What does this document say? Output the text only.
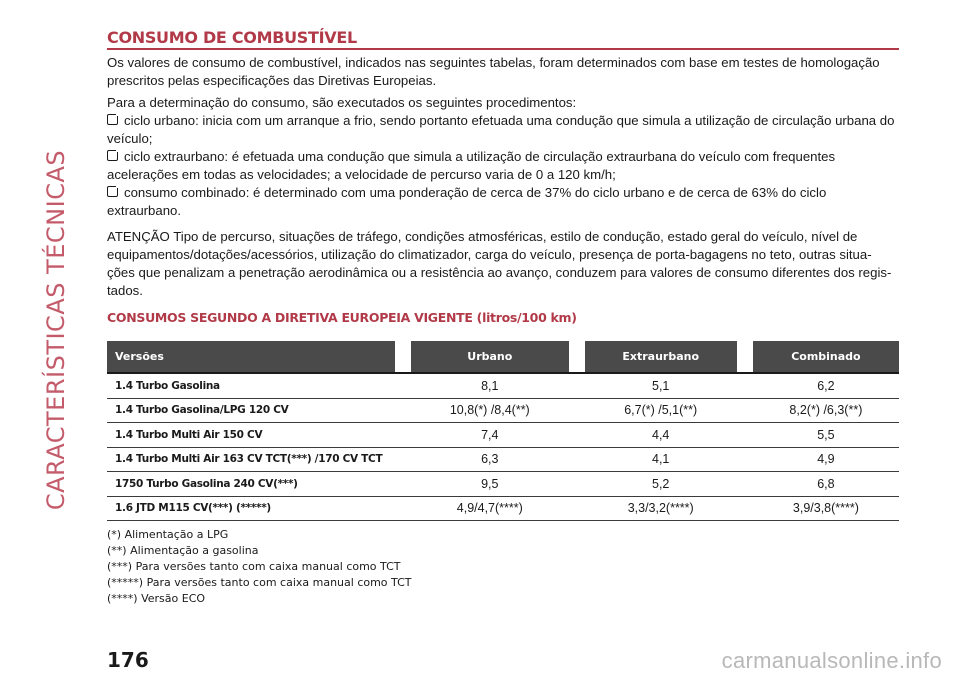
CARACTERÍSTICAS TÉCNICAS
CONSUMO DE COMBUSTÍVEL

Os valores de consumo de combustível, indicados nas seguintes tabelas, foram determinados com base em testes de homologação prescritos pelas especificações das Diretivas Europeias.

Para a determinação do consumo, são executados os seguintes procedimentos:

ciclo urbano: inicia com um arranque a frio, sendo portanto efetuada uma condução que simula a utilização de circulação urbana do veículo;

ciclo extraurbano: é efetuada uma condução que simula a utilização de circulação extraurbana do veículo com frequentes acelerações em todas as velocidades; a velocidade de percurso varia de 0 a 120 km/h;

consumo combinado: é determinado com uma ponderação de cerca de 37% do ciclo urbano e de cerca de 63% do ciclo extraurbano.

ATENÇÃO Tipo de percurso, situações de tráfego, condições atmosféricas, estilo de condução, estado geral do veículo, nível de equipamentos/dotações/acessórios, utilização do climatizador, carga do veículo, presença de porta-bagagens no teto, outras situa-ções que penalizam a penetração aerodinâmica ou a resistência ao avanço, conduzem para valores de consumo diferentes dos regis-tados.

CONSUMOS SEGUNDO A DIRETIVA EUROPEIA VIGENTE (litros/100 km)
Versões		Urbano		Extraurbano		Combinado
1.4 Turbo Gasolina		8,1		5,1		6,2
1.4 Turbo Gasolina/LPG 120 CV		10,8(*) /8,4(**)		6,7(*) /5,1(**)		8,2(*) /6,3(**)
1.4 Turbo Multi Air 150 CV		7,4		4,4		5,5
1.4 Turbo Multi Air 163 CV TCT(***) /170 CV TCT		6,3		4,1		4,9
1750 Turbo Gasolina 240 CV(***)		9,5		5,2		6,8
1.6 JTD M115 CV(***) (*****)		4,9/4,7(****)		3,3/3,2(****)		3,9/3,8(****)
(*) Alimentação a LPG
(**) Alimentação a gasolina
(***) Para versões tanto com caixa manual como TCT
(*****) Para versões tanto com caixa manual como TCT
(****) Versão ECO
176	carmanualsonline.info
